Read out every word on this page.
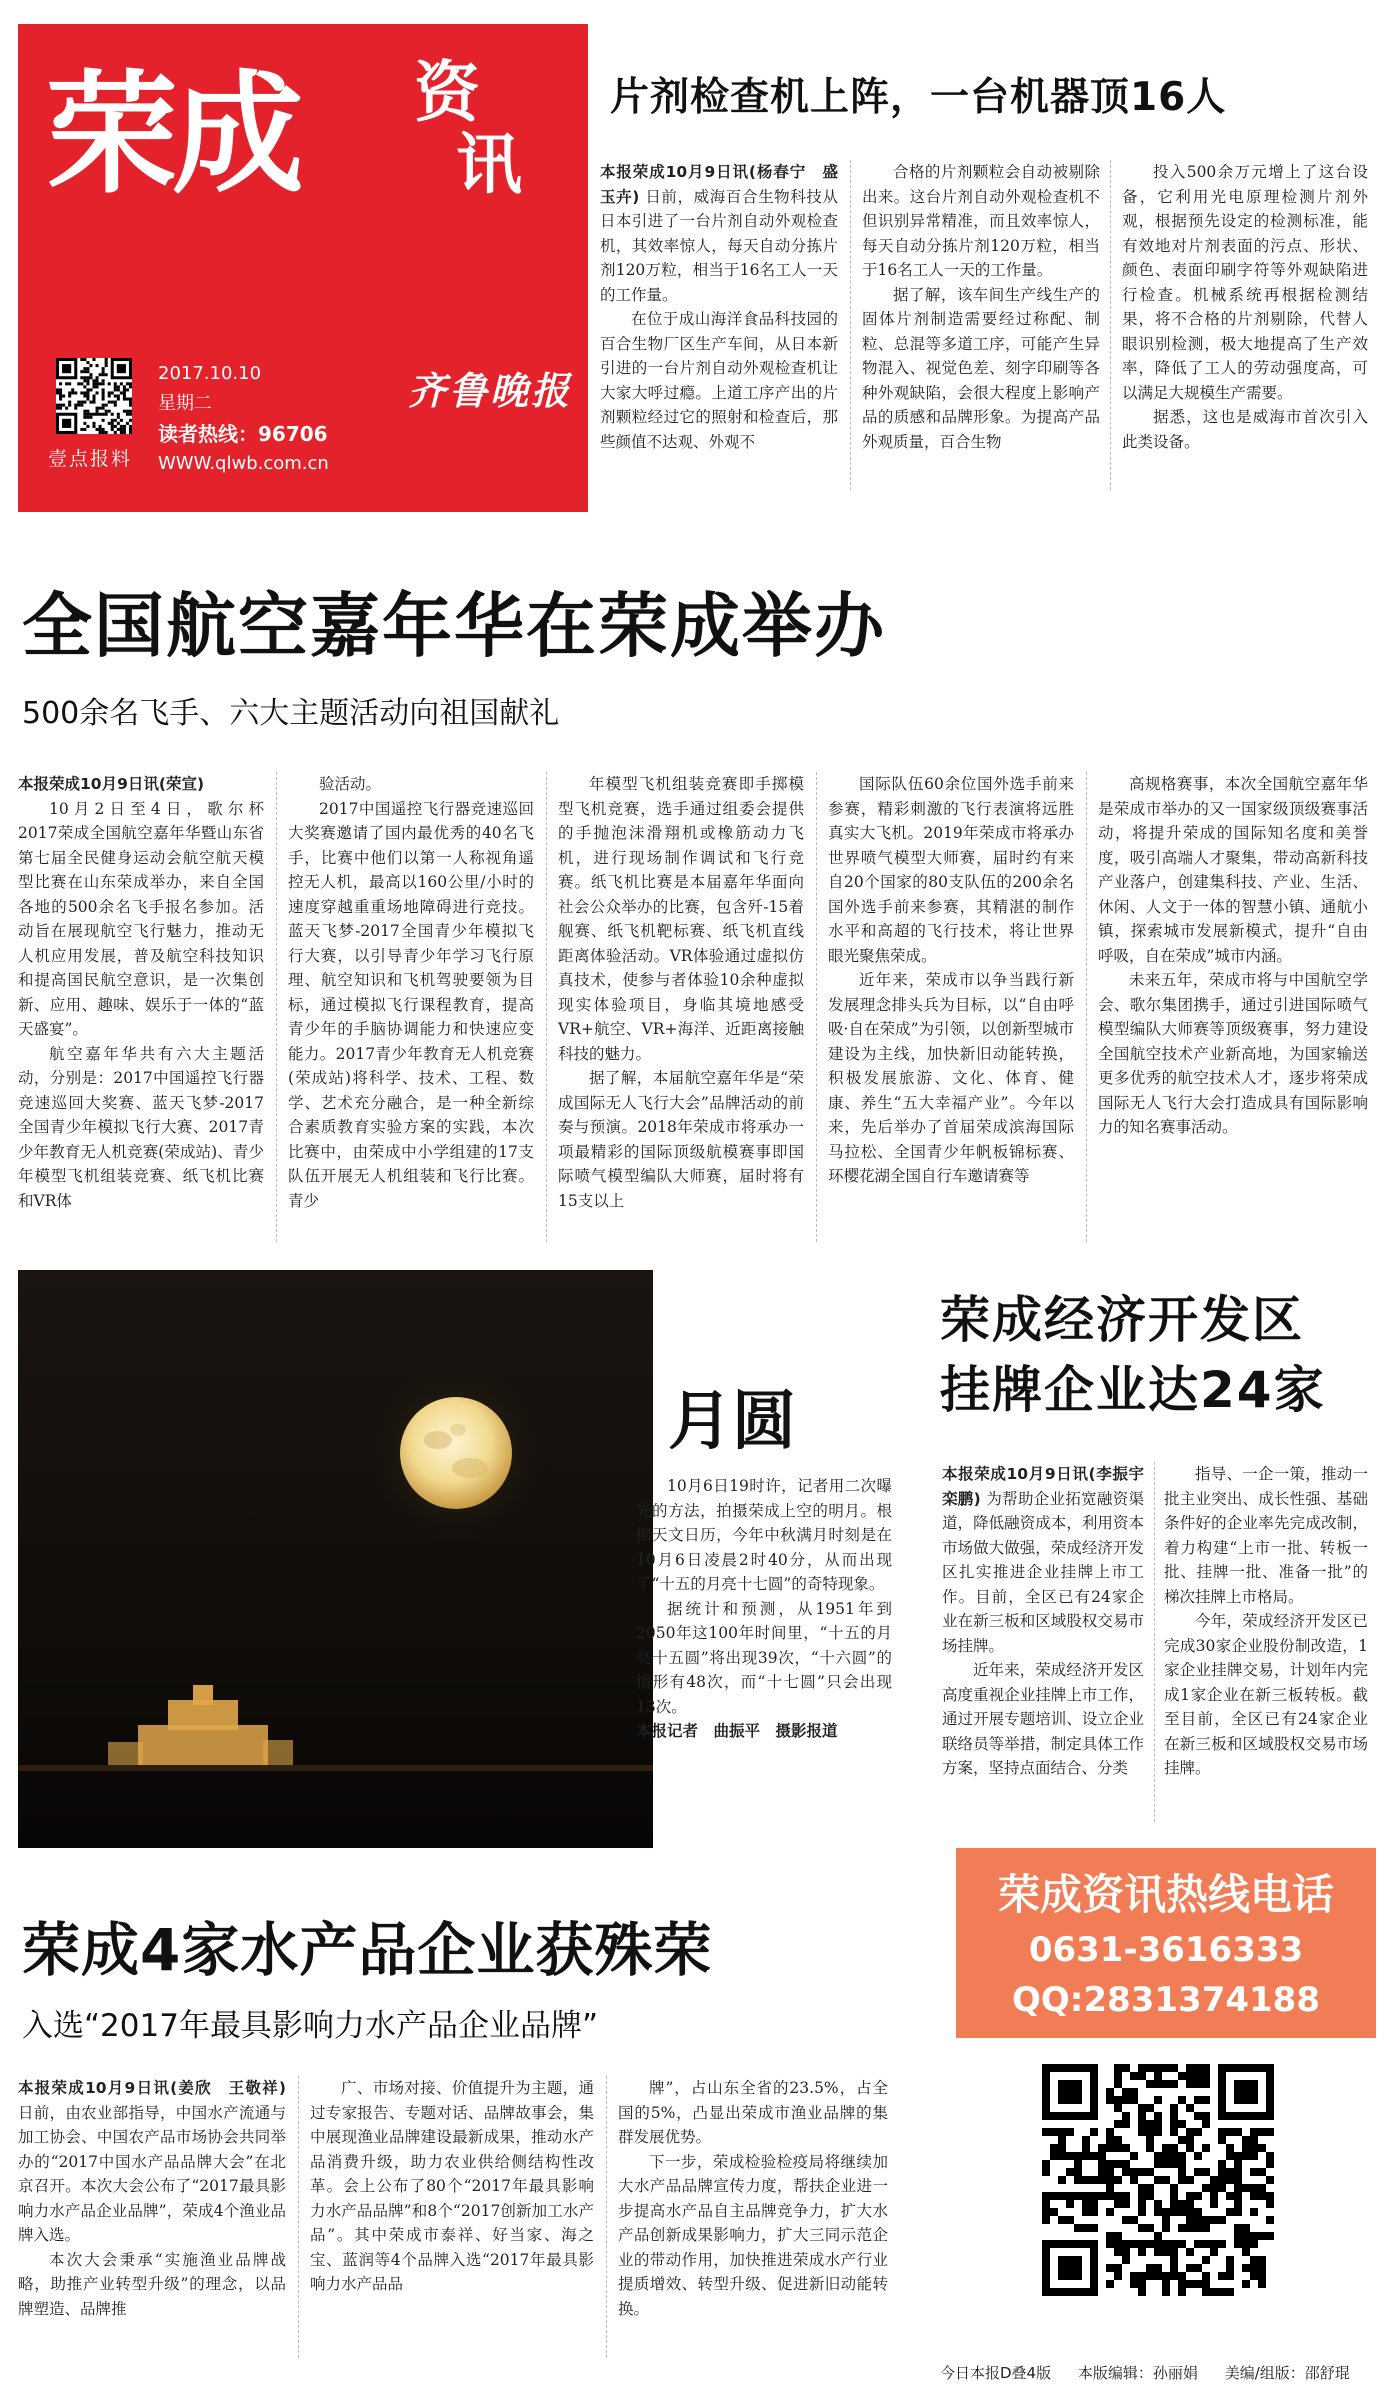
荣成 资
讯
壹点报料
2017.10.10
星期二
读者热线：96706
WWW.qlwb.com.cn
齐鲁晚报
片剂检查机上阵，一台机器顶16人

本报荣成10月9日讯(杨春宁　盛玉卉) 日前，威海百合生物科技从日本引进了一台片剂自动外观检查机，其效率惊人，每天自动分拣片剂120万粒，相当于16名工人一天的工作量。

在位于成山海洋食品科技园的百合生物厂区生产车间，从日本新引进的一台片剂自动外观检查机让大家大呼过瘾。上道工序产出的片剂颗粒经过它的照射和检查后，那些颜值不达观、外观不

合格的片剂颗粒会自动被剔除出来。这台片剂自动外观检查机不但识别异常精准，而且效率惊人，每天自动分拣片剂120万粒，相当于16名工人一天的工作量。

据了解，该车间生产线生产的固体片剂制造需要经过称配、制粒、总混等多道工序，可能产生异物混入、视觉色差、刻字印刷等各种外观缺陷，会很大程度上影响产品的质感和品牌形象。为提高产品外观质量，百合生物

投入500余万元增上了这台设备，它利用光电原理检测片剂外观，根据预先设定的检测标准，能有效地对片剂表面的污点、形状、颜色、表面印刷字符等外观缺陷进行检查。机械系统再根据检测结果，将不合格的片剂剔除，代替人眼识别检测，极大地提高了生产效率，降低了工人的劳动强度高，可以满足大规模生产需要。

据悉，这也是威海市首次引入此类设备。

全国航空嘉年华在荣成举办
500余名飞手、六大主题活动向祖国献礼

本报荣成10月9日讯(荣宣)

10月2日至4日，歌尔杯　2017荣成全国航空嘉年华暨山东省第七届全民健身运动会航空航天模型比赛在山东荣成举办，来自全国各地的500余名飞手报名参加。活动旨在展现航空飞行魅力，推动无人机应用发展，普及航空科技知识和提高国民航空意识，是一次集创新、应用、趣味、娱乐于一体的“蓝天盛宴”。

航空嘉年华共有六大主题活动，分别是：2017中国遥控飞行器竞速巡回大奖赛、蓝天飞梦-2017全国青少年模拟飞行大赛、2017青少年教育无人机竞赛(荣成站)、青少年模型飞机组装竞赛、纸飞机比赛和VR体

验活动。

2017中国遥控飞行器竞速巡回大奖赛邀请了国内最优秀的40名飞手，比赛中他们以第一人称视角遥控无人机，最高以160公里/小时的速度穿越重重场地障碍进行竞技。蓝天飞梦-2017全国青少年模拟飞行大赛，以引导青少年学习飞行原理、航空知识和飞机驾驶要领为目标，通过模拟飞行课程教育，提高青少年的手脑协调能力和快速应变能力。2017青少年教育无人机竞赛(荣成站)将科学、技术、工程、数学、艺术充分融合，是一种全新综合素质教育实验方案的实践，本次比赛中，由荣成中小学组建的17支队伍开展无人机组装和飞行比赛。青少

年模型飞机组装竞赛即手掷模型飞机竞赛，选手通过组委会提供的手抛泡沫滑翔机或橡筋动力飞机，进行现场制作调试和飞行竞赛。纸飞机比赛是本届嘉年华面向社会公众举办的比赛，包含歼-15着舰赛、纸飞机靶标赛、纸飞机直线距离体验活动。VR体验通过虚拟仿真技术，使参与者体验10余种虚拟现实体验项目，身临其境地感受VR+航空、VR+海洋、近距离接触科技的魅力。

据了解，本届航空嘉年华是“荣成国际无人飞行大会”品牌活动的前奏与预演。2018年荣成市将承办一项最精彩的国际顶级航模赛事即国际喷气模型编队大师赛，届时将有15支以上

国际队伍60余位国外选手前来参赛，精彩刺激的飞行表演将远胜真实大飞机。2019年荣成市将承办世界喷气模型大师赛，届时约有来自20个国家的80支队伍的200余名国外选手前来参赛，其精湛的制作水平和高超的飞行技术，将让世界眼光聚焦荣成。

近年来，荣成市以争当践行新发展理念排头兵为目标，以“自由呼吸·自在荣成”为引领，以创新型城市建设为主线，加快新旧动能转换，积极发展旅游、文化、体育、健康、养生“五大幸福产业”。今年以来，先后举办了首届荣成滨海国际马拉松、全国青少年帆板锦标赛、环樱花湖全国自行车邀请赛等

高规格赛事，本次全国航空嘉年华是荣成市举办的又一国家级顶级赛事活动，将提升荣成的国际知名度和美誉度，吸引高端人才聚集，带动高新科技产业落户，创建集科技、产业、生活、休闲、人文于一体的智慧小镇、通航小镇，探索城市发展新模式，提升“自由呼吸，自在荣成”城市内涵。

未来五年，荣成市将与中国航空学会、歌尔集团携手，通过引进国际喷气模型编队大师赛等顶级赛事，努力建设全国航空技术产业新高地，为国家输送更多优秀的航空技术人才，逐步将荣成国际无人飞行大会打造成具有国际影响力的知名赛事活动。

月圆

10月6日19时许，记者用二次曝光的方法，拍摄荣成上空的明月。根据天文日历，今年中秋满月时刻是在10月6日凌晨2时40分，从而出现了“十五的月亮十七圆”的奇特现象。

据统计和预测，从1951年到2050年这100年时间里，“十五的月亮十五圆”将出现39次，“十六圆”的情形有48次，而“十七圆”只会出现13次。

本报记者　曲振平　摄影报道

荣成经济开发区
挂牌企业达24家

本报荣成10月9日讯(李振宇　栾鹏) 为帮助企业拓宽融资渠道，降低融资成本，利用资本市场做大做强，荣成经济开发区扎实推进企业挂牌上市工作。目前，全区已有24家企业在新三板和区域股权交易市场挂牌。

近年来，荣成经济开发区高度重视企业挂牌上市工作，通过开展专题培训、设立企业联络员等举措，制定具体工作方案，坚持点面结合、分类

指导、一企一策，推动一批主业突出、成长性强、基础条件好的企业率先完成改制，着力构建“上市一批、转板一批、挂牌一批、准备一批”的梯次挂牌上市格局。

今年，荣成经济开发区已完成30家企业股份制改造，1家企业挂牌交易，计划年内完成1家企业在新三板转板。截至目前，全区已有24家企业在新三板和区域股权交易市场挂牌。

荣成资讯热线电话
0631-3616333
QQ:2831374188
荣成4家水产品企业获殊荣
入选“2017年最具影响力水产品企业品牌”

本报荣成10月9日讯(姜欣　王敬祥) 日前，由农业部指导，中国水产流通与加工协会、中国农产品市场协会共同举办的“2017中国水产品品牌大会”在北京召开。本次大会公布了“2017最具影响力水产品企业品牌”，荣成4个渔业品牌入选。

本次大会秉承“实施渔业品牌战略，助推产业转型升级”的理念，以品牌塑造、品牌推

广、市场对接、价值提升为主题，通过专家报告、专题对话、品牌故事会，集中展现渔业品牌建设最新成果，推动水产品消费升级，助力农业供给侧结构性改革。会上公布了80个“2017年最具影响力水产品品牌”和8个“2017创新加工水产品”。其中荣成市泰祥、好当家、海之宝、蓝润等4个品牌入选“2017年最具影响力水产品品

牌”，占山东全省的23.5%，占全国的5%，凸显出荣成市渔业品牌的集群发展优势。

下一步，荣成检验检疫局将继续加大水产品品牌宣传力度，帮扶企业进一步提高水产品自主品牌竞争力，扩大水产品创新成果影响力，扩大三同示范企业的带动作用，加快推进荣成水产行业提质增效、转型升级、促进新旧动能转换。

今日本报D叠4版 本版编辑：孙丽娟 美编/组版：邵舒琨
